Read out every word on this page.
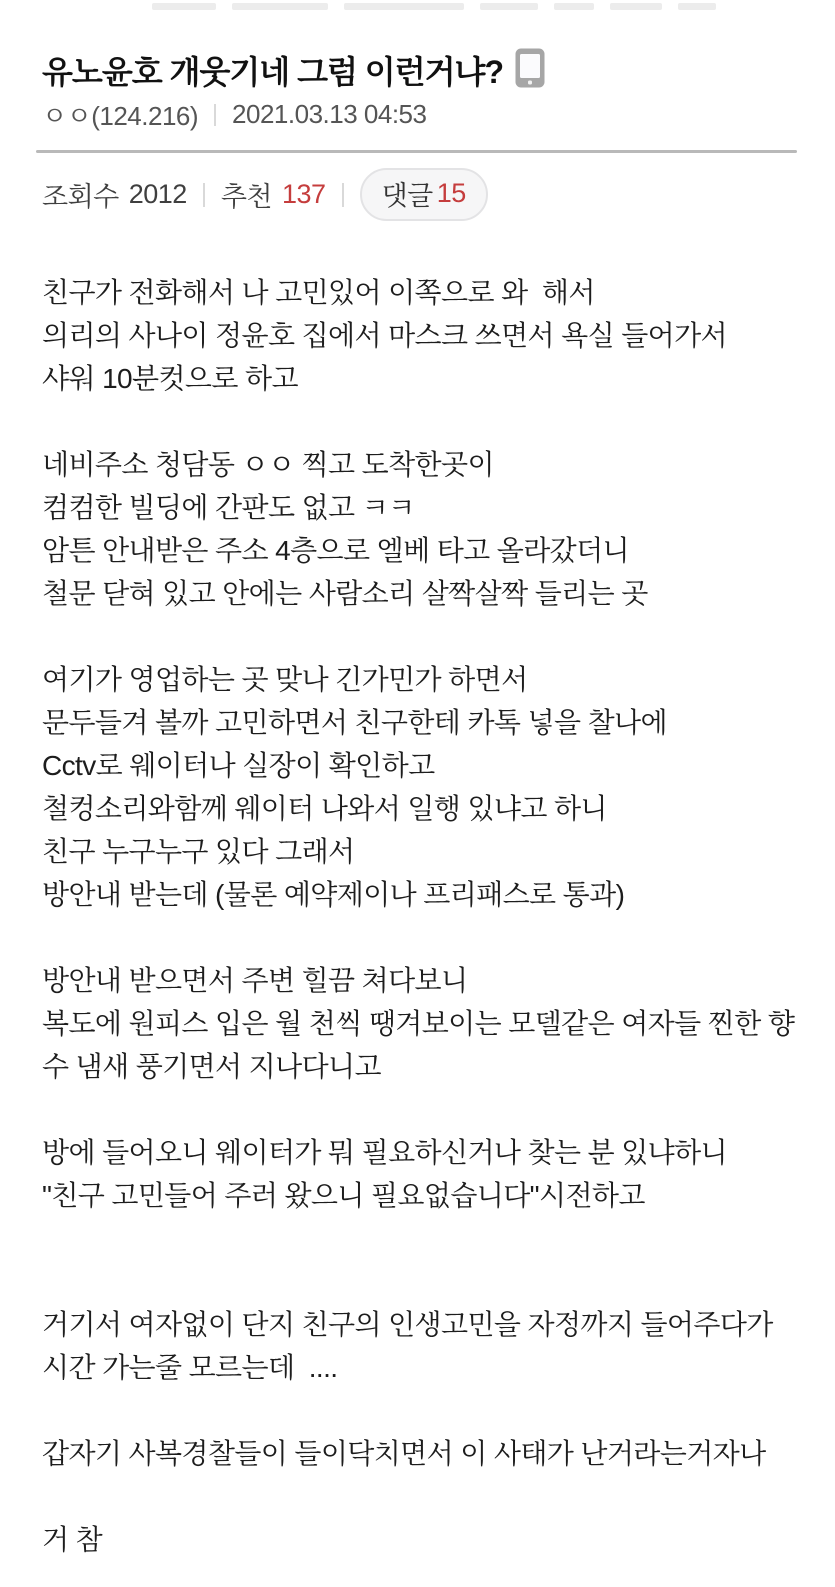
유노윤호 개웃기네 그럼 이런거냐?
ㅇㅇ(124.216) 2021.03.13 04:53
조회수 2012 추천 137 댓글 15
친구가 전화해서 나 고민있어 이쪽으로 와  해서
의리의 사나이 정윤호 집에서 마스크 쓰면서 욕실 들어가서
샤워 10분컷으로 하고

네비주소 청담동 ㅇㅇ 찍고 도착한곳이
컴컴한 빌딩에 간판도 없고 ㅋㅋ
암튼 안내받은 주소 4층으로 엘베 타고 올라갔더니
철문 닫혀 있고 안에는 사람소리 살짝살짝 들리는 곳

여기가 영업하는 곳 맞나 긴가민가 하면서
문두들겨 볼까 고민하면서 친구한테 카톡 넣을 찰나에
Cctv로 웨이터나 실장이 확인하고
철컹소리와함께 웨이터 나와서 일행 있냐고 하니
친구 누구누구 있다 그래서
방안내 받는데 (물론 예약제이나 프리패스로 통과)

방안내 받으면서 주변 힐끔 쳐다보니
복도에 원피스 입은 월 천씩 땡겨보이는 모델같은 여자들 찐한 향
수 냄새 풍기면서 지나다니고

방에 들어오니 웨이터가 뭐 필요하신거나 찾는 분 있냐하니
"친구 고민들어 주러 왔으니 필요없습니다"시전하고

거기서 여자없이 단지 친구의 인생고민을 자정까지 들어주다가
시간 가는줄 모르는데  ....

갑자기 사복경찰들이 들이닥치면서 이 사태가 난거라는거자나

거 참
